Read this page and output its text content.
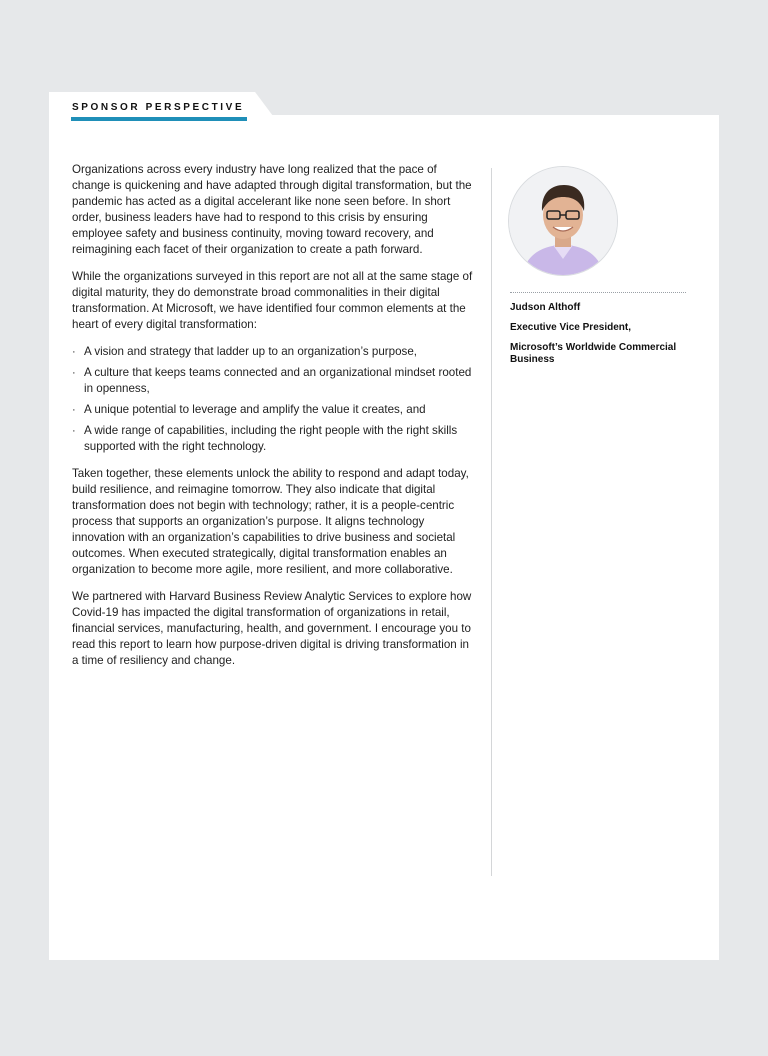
SPONSOR PERSPECTIVE

Organizations across every industry have long realized that the pace of change is quickening and have adapted through digital transformation, but the pandemic has acted as a digital accelerant like none seen before. In short order, business leaders have had to respond to this crisis by ensuring employee safety and business continuity, moving toward recovery, and reimagining each facet of their organization to create a path forward.

While the organizations surveyed in this report are not all at the same stage of digital maturity, they do demonstrate broad commonalities in their digital transformation. At Microsoft, we have identified four common elements at the heart of every digital transformation:

· A vision and strategy that ladder up to an organization’s purpose,
· A culture that keeps teams connected and an organizational mindset rooted in openness,
· A unique potential to leverage and amplify the value it creates, and
· A wide range of capabilities, including the right people with the right skills supported with the right technology.

Taken together, these elements unlock the ability to respond and adapt today, build resilience, and reimagine tomorrow. They also indicate that digital transformation does not begin with technology; rather, it is a people-centric process that supports an organization’s purpose. It aligns technology innovation with an organization’s capabilities to drive business and societal outcomes. When executed strategically, digital transformation enables an organization to become more agile, more resilient, and more collaborative.

We partnered with Harvard Business Review Analytic Services to explore how Covid-19 has impacted the digital transformation of organizations in retail, financial services, manufacturing, health, and government. I encourage you to read this report to learn how purpose-driven digital is driving transformation in a time of resiliency and change.

Judson Althoff
Executive Vice President,
Microsoft’s Worldwide Commercial Business
